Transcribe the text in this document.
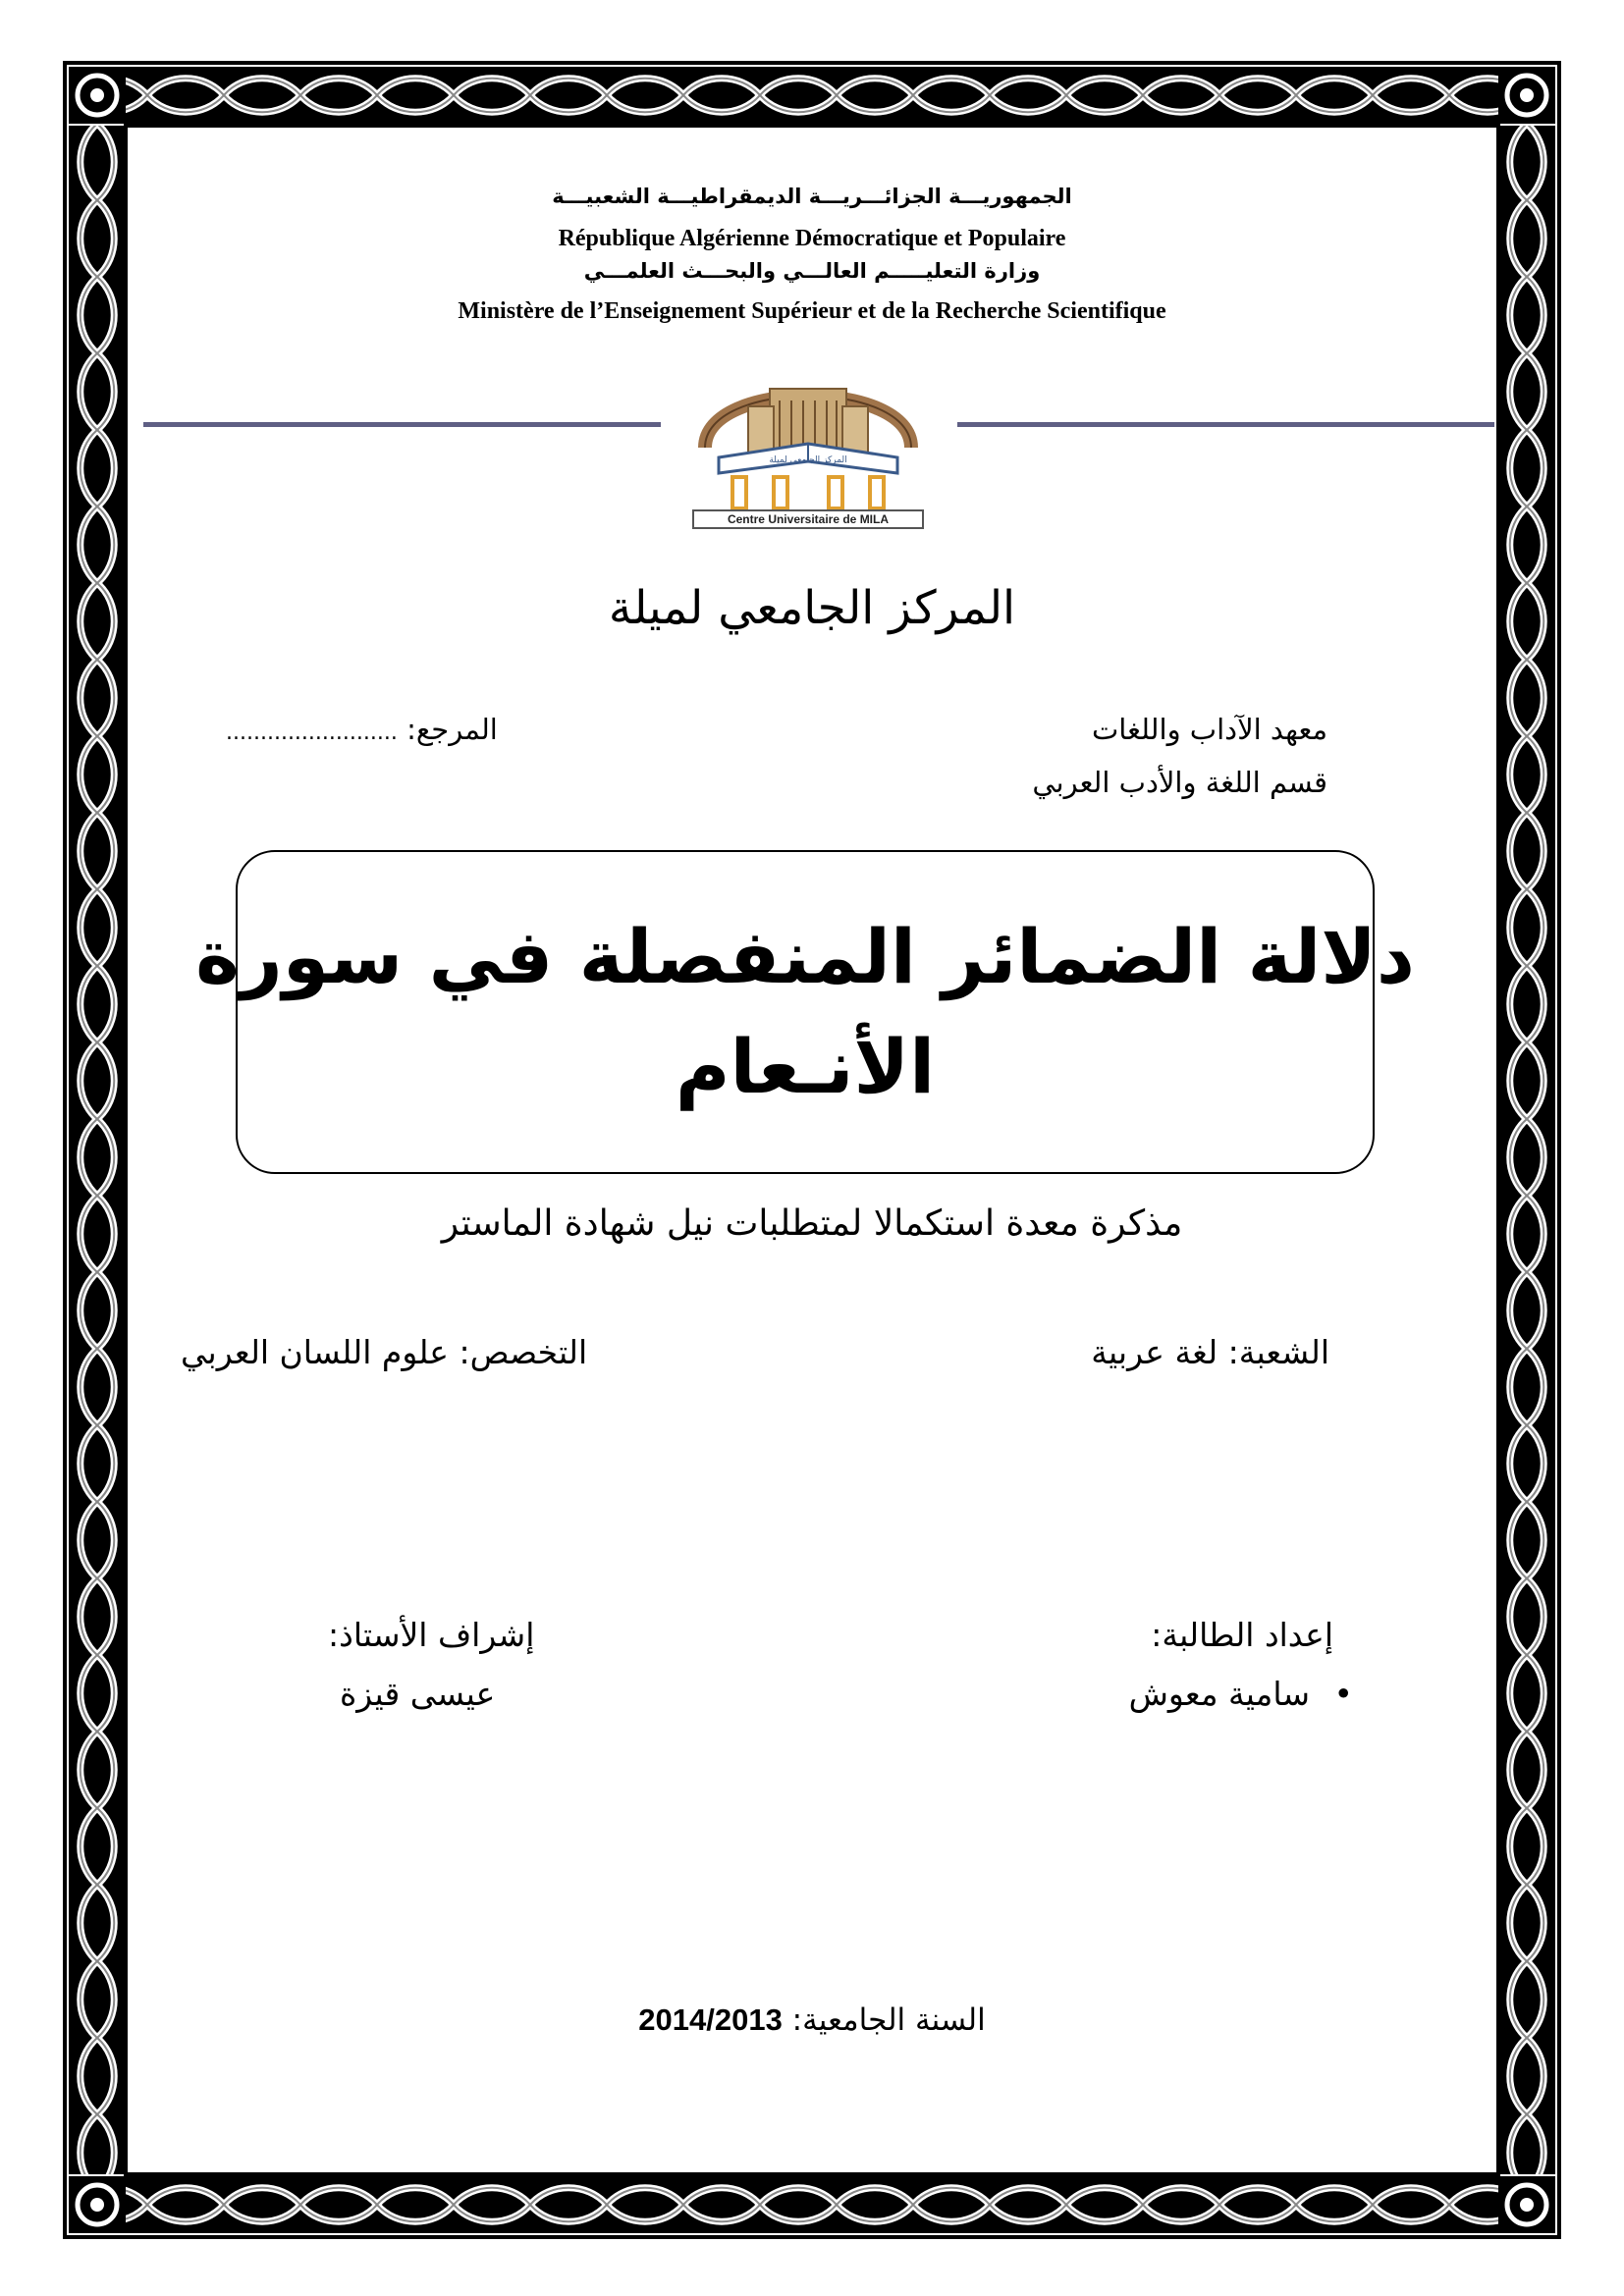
الجمهوريـــة الجزائـــريـــة الديمقراطيـــة الشعبيـــة
République Algérienne Démocratique et Populaire
وزارة التعليـــــم العالـــي والبحـــث العلمـــي
Ministère de l’Enseignement Supérieur et de la Recherche Scientifique
المركز الجامعي لميلة
Centre Universitaire de MILA
المركز الجامعي لميلة
معهد الآداب واللغات
قسم اللغة والأدب العربي
المرجع: .........................
دلالة الضمائر المنفصلة في سورة
الأنـعام
مذكرة معدة استكمالا لمتطلبات نيل شهادة الماستر
الشعبة: لغة عربية
التخصص: علوم اللسان العربي
إعداد الطالبة:
• سامية معوش
إشراف الأستاذ:
عيسى قيزة
السنة الجامعية: 2014/2013
